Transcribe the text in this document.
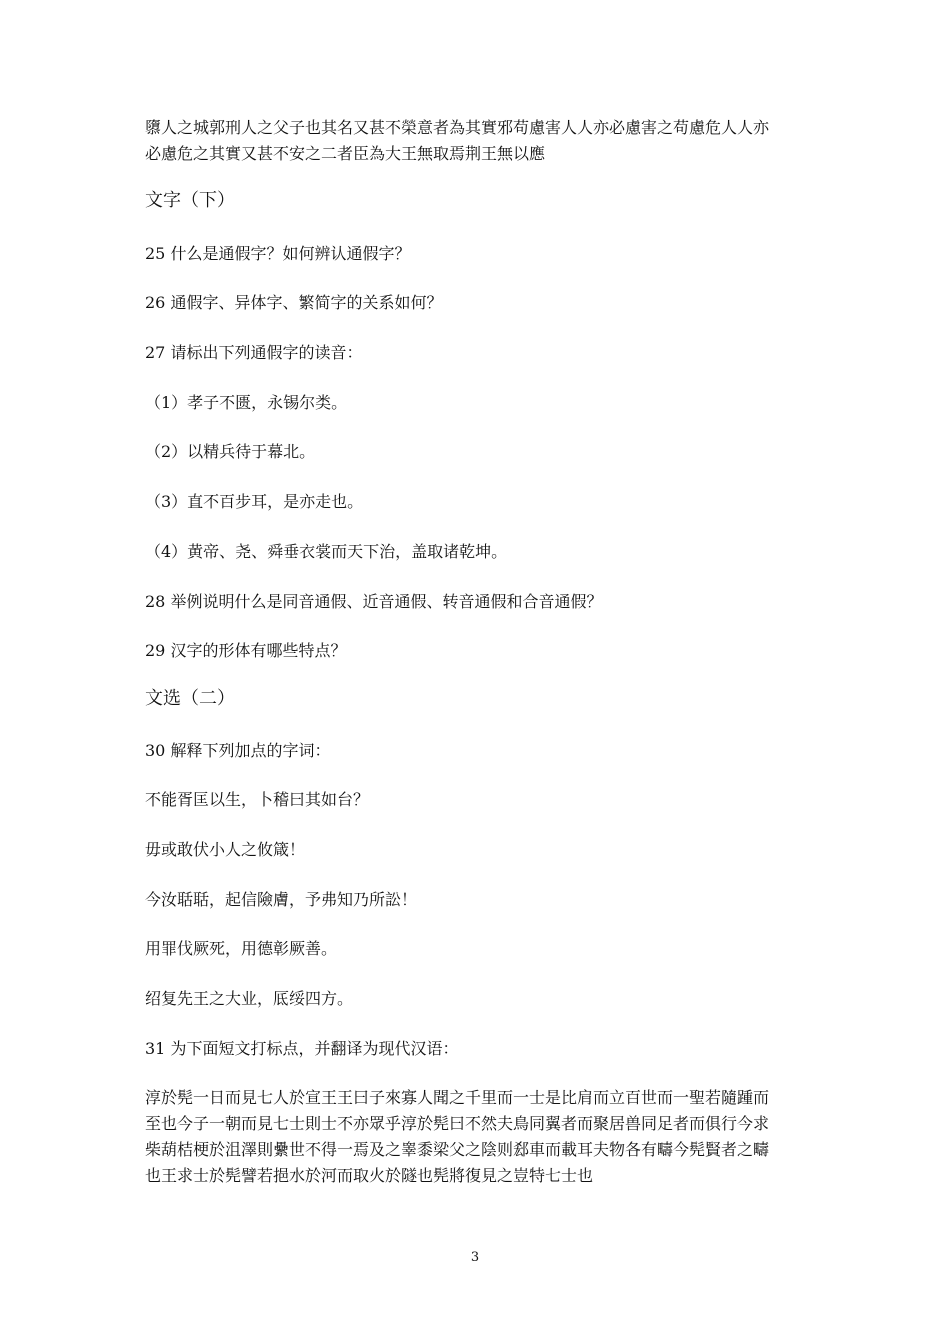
隳人之城郭刑人之父子也其名又甚不榮意者為其實邪苟慮害人人亦必慮害之苟慮危人人亦
必慮危之其實又甚不安之二者臣為大王無取焉荆王無以應
文字（下）
25 什么是通假字？如何辨认通假字？
26 通假字、异体字、繁简字的关系如何？
27 请标出下列通假字的读音：
（1）孝子不匮，永锡尔类。
（2）以精兵待于幕北。
（3）直不百步耳，是亦走也。
（4）黄帝、尧、舜垂衣裳而天下治，盖取诸乾坤。
28 举例说明什么是同音通假、近音通假、转音通假和合音通假？
29 汉字的形体有哪些特点？
文选（二）
30 解释下列加点的字词：
不能胥匡以生，卜稽曰其如台？
毋或敢伏小人之攸箴！
今汝聒聒，起信險膚，予弗知乃所訟！
用罪伐厥死，用德彰厥善。
绍复先王之大业，厎绥四方。
31 为下面短文打标点，并翻译为现代汉语：
淳於髡一日而見七人於宣王王曰子來寡人聞之千里而一士是比肩而立百世而一聖若隨踵而
至也今子一朝而見七士則士不亦眾乎淳於髡曰不然夫鳥同翼者而聚居兽同足者而俱行今求
柴葫桔梗於沮澤則纍世不得一焉及之睾黍梁父之陰则郄車而載耳夫物各有疇今髡賢者之疇
也王求士於髡譬若挹水於河而取火於隧也髡將復見之豈特七士也
3
